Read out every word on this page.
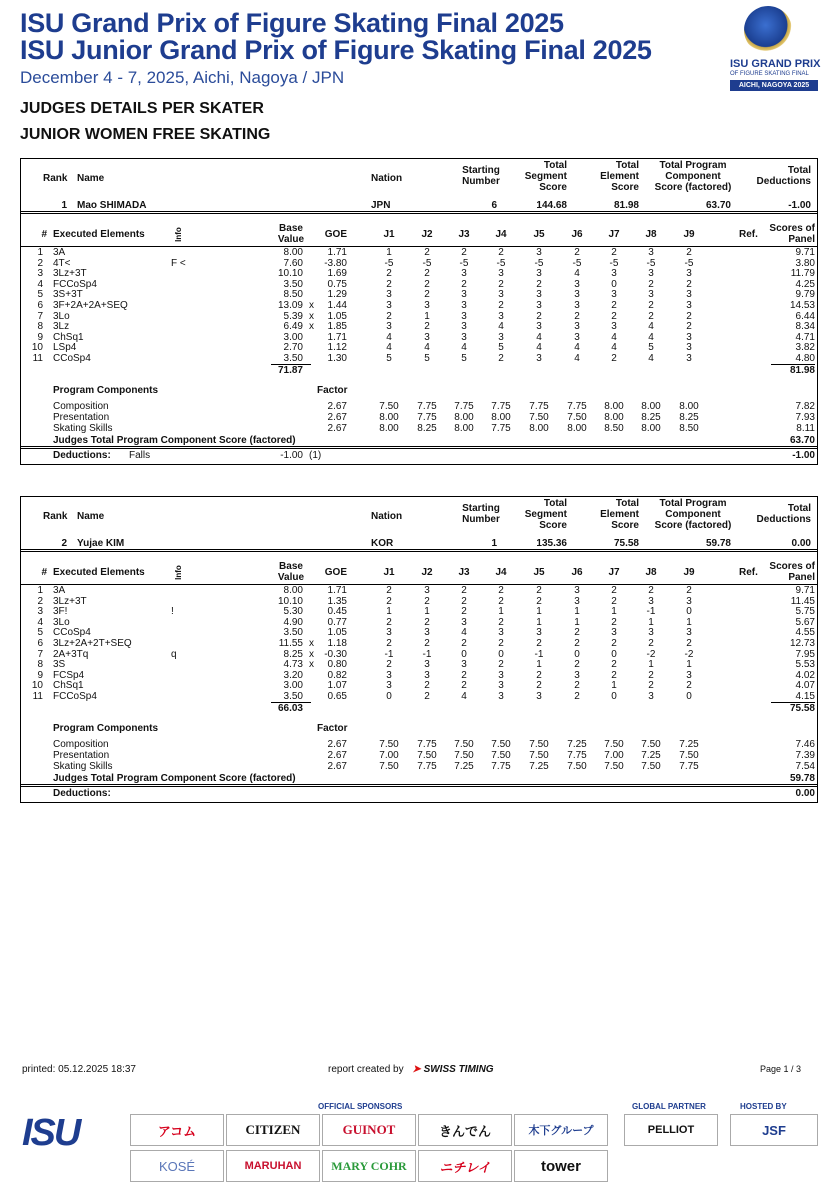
ISU Grand Prix of Figure Skating Final 2025
ISU Junior Grand Prix of Figure Skating Final 2025
December 4 - 7, 2025, Aichi, Nagoya / JPN
ISU GRAND PRIX
OF FIGURE SKATING FINAL
AICHI, NAGOYA 2025
JUDGES DETAILS PER SKATER
JUNIOR WOMEN FREE SKATING
Rank Name	Nation
Starting
Number
Total
Segment
Score
Total
Element
Score
Total Program
Component
Score (factored)
Total
Deductions
1 Mao SHIMADA	JPN	6	144.68	81.98	63.70	-1.00
# Executed Elements	Info	Base
Value	GOE	J1	J2	J3	J4	J5	J6	J7	J8	J9	Ref.
Scores of
Panel
1 3A	8.00	1.71	1	2	2	2	3	2	2	3	2	9.71
2 4T<	F <	7.60	-3.80	-5	-5	-5	-5	-5	-5	-5	-5	-5	3.80
3 3Lz+3T	10.10	1.69	2	2	3	3	3	4	3	3	3	11.79
4 FCCoSp4	3.50	0.75	2	2	2	2	2	3	0	2	2	4.25
5 3S+3T	8.50	1.29	3	2	3	3	3	3	3	3	3	9.79
6 3F+2A+2A+SEQ	13.09 x	1.44	3	3	3	2	3	3	2	2	3	14.53
7 3Lo	5.39 x	1.05	2	1	3	3	2	2	2	2	2	6.44
8 3Lz	6.49 x	1.85	3	2	3	4	3	3	3	4	2	8.34
9 ChSq1	3.00	1.71	4	3	3	3	4	3	4	4	3	4.71
10 LSp4	2.70	1.12	4	4	4	5	4	4	4	5	3	3.82
11 CCoSp4	3.50	1.30	5	5	5	2	3	4	2	4	3	4.80
71.87	81.98
Program Components	Factor
Composition	2.67	7.50	7.75	7.75	7.75	7.75	7.75	8.00	8.00	8.00	7.82
Presentation	2.67	8.00	7.75	8.00	8.00	7.50	7.50	8.00	8.25	8.25	7.93
Skating Skills	2.67	8.00	8.25	8.00	7.75	8.00	8.00	8.50	8.00	8.50	8.11
Judges Total Program Component Score (factored)	63.70
Deductions: Falls	-1.00 (1)	-1.00
Rank Name	Nation
Starting
Number
Total
Segment
Score
Total
Element
Score
Total Program
Component
Score (factored)
Total
Deductions
2 Yujae KIM	KOR	1	135.36	75.58	59.78	0.00
# Executed Elements	Info	Base
Value	GOE	J1	J2	J3	J4	J5	J6	J7	J8	J9	Ref.
Scores of
Panel
1 3A	8.00	1.71	2	3	2	2	2	3	2	2	2	9.71
2 3Lz+3T	10.10	1.35	2	2	2	2	2	3	2	3	3	11.45
3 3F!	!	5.30	0.45	1	1	2	1	1	1	1	-1	0	5.75
4 3Lo	4.90	0.77	2	2	3	2	1	1	2	1	1	5.67
5 CCoSp4	3.50	1.05	3	3	4	3	3	2	3	3	3	4.55
6 3Lz+2A+2T+SEQ	11.55 x	1.18	2	2	2	2	2	2	2	2	2	12.73
7 2A+3Tq	q	8.25 x	-0.30	-1	-1	0	0	-1	0	0	-2	-2	7.95
8 3S	4.73 x	0.80	2	3	3	2	1	2	2	1	1	5.53
9 FCSp4	3.20	0.82	3	3	2	3	2	3	2	2	3	4.02
10 ChSq1	3.00	1.07	3	2	2	3	2	2	1	2	2	4.07
11 FCCoSp4	3.50	0.65	0	2	4	3	3	2	0	3	0	4.15
66.03	75.58
Program Components	Factor
Composition	2.67	7.50	7.75	7.50	7.50	7.50	7.25	7.50	7.50	7.25	7.46
Presentation	2.67	7.00	7.50	7.50	7.50	7.50	7.75	7.00	7.25	7.50	7.39
Skating Skills	2.67	7.50	7.75	7.25	7.75	7.25	7.50	7.50	7.50	7.75	7.54
Judges Total Program Component Score (factored)	59.78
Deductions:	0.00
printed: 05.12.2025 18:37	report created by ➤ SWISS TIMING	Page 1 / 3
ISU
OFFICIAL SPONSORS	GLOBAL PARTNER	HOSTED BY
アコム	CITIZEN	GUINOT	きんでん	木下グループ
KOSÉ	MARUHAN	MARY COHR	ニチレイ	tower
PELLIOT	JSF
